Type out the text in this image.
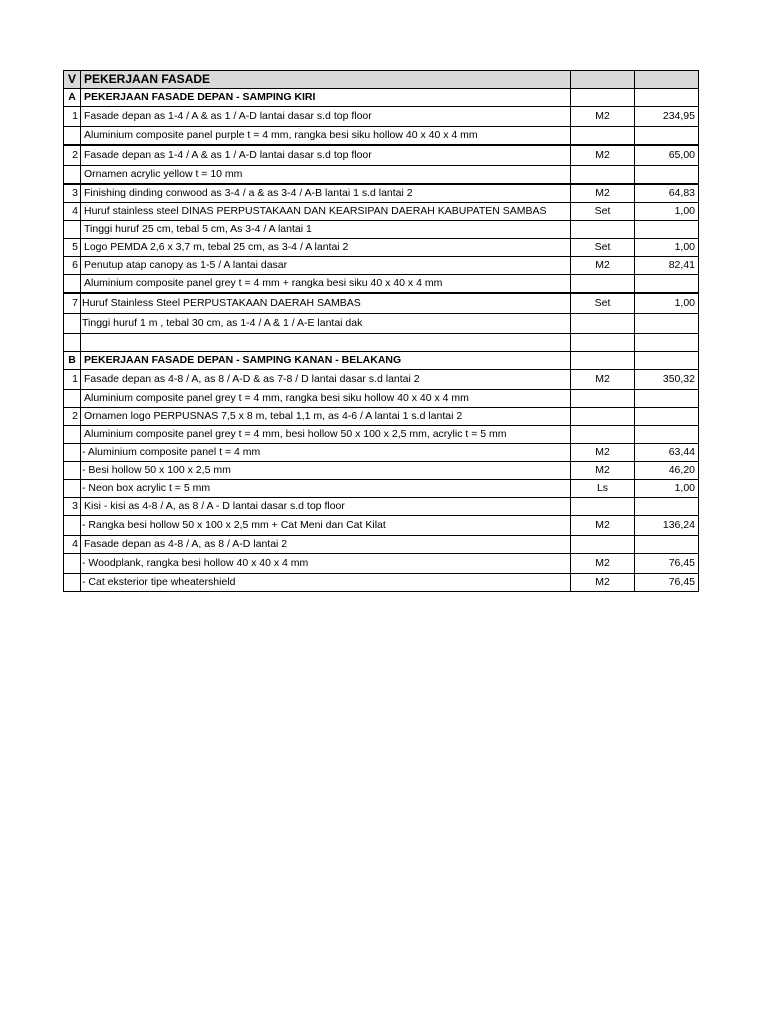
V	PEKERJAAN FASADE		
A	PEKERJAAN FASADE DEPAN - SAMPING KIRI		
1	Fasade depan as 1-4 / A & as 1 / A-D lantai dasar s.d top floor	M2	234,95
	Aluminium composite panel purple t = 4 mm, rangka besi siku hollow 40 x 40 x 4 mm		
2	Fasade depan as 1-4 / A & as 1 / A-D lantai dasar s.d top floor	M2	65,00
	Ornamen acrylic yellow t = 10 mm		
3	Finishing dinding conwood as 3-4 / a & as 3-4 / A-B lantai 1 s.d lantai 2	M2	64,83
4	Huruf stainless steel DINAS PERPUSTAKAAN DAN KEARSIPAN DAERAH KABUPATEN SAMBAS	Set	1,00
	Tinggi huruf 25 cm, tebal 5 cm, As 3-4 / A lantai 1		
5	Logo PEMDA 2,6 x 3,7 m, tebal 25 cm, as 3-4 / A lantai 2	Set	1,00
6	Penutup atap canopy as 1-5 / A lantai dasar	M2	82,41
	Aluminium composite panel grey t = 4 mm + rangka besi siku 40 x 40 x 4 mm		
7	Huruf Stainless Steel PERPUSTAKAAN DAERAH SAMBAS	Set	1,00
	Tinggi huruf 1 m , tebal 30 cm, as 1-4 / A & 1 / A-E lantai dak		

B	PEKERJAAN FASADE DEPAN - SAMPING KANAN - BELAKANG		
1	Fasade depan as 4-8 / A, as 8 / A-D & as 7-8 / D lantai dasar s.d lantai 2	M2	350,32
	Aluminium composite panel grey t = 4 mm, rangka besi siku hollow 40 x 40 x 4 mm		
2	Ornamen logo PERPUSNAS 7,5 x 8 m, tebal 1,1 m, as 4-6 / A lantai 1 s.d lantai 2		
	Aluminium composite panel grey t = 4 mm, besi hollow 50 x 100 x 2,5 mm, acrylic t = 5 mm		
	- Aluminium composite panel t = 4 mm	M2	63,44
	- Besi hollow 50 x 100 x 2,5 mm	M2	46,20
	- Neon box acrylic t = 5 mm	Ls	1,00
3	Kisi - kisi as 4-8 / A, as 8 / A - D lantai dasar s.d top floor		
	- Rangka besi hollow 50 x 100 x 2,5 mm + Cat Meni dan Cat Kilat	M2	136,24
4	Fasade depan as 4-8 / A, as 8 / A-D lantai 2		
	- Woodplank, rangka besi hollow 40 x 40 x 4 mm	M2	76,45
	- Cat eksterior tipe wheatershield	M2	76,45
